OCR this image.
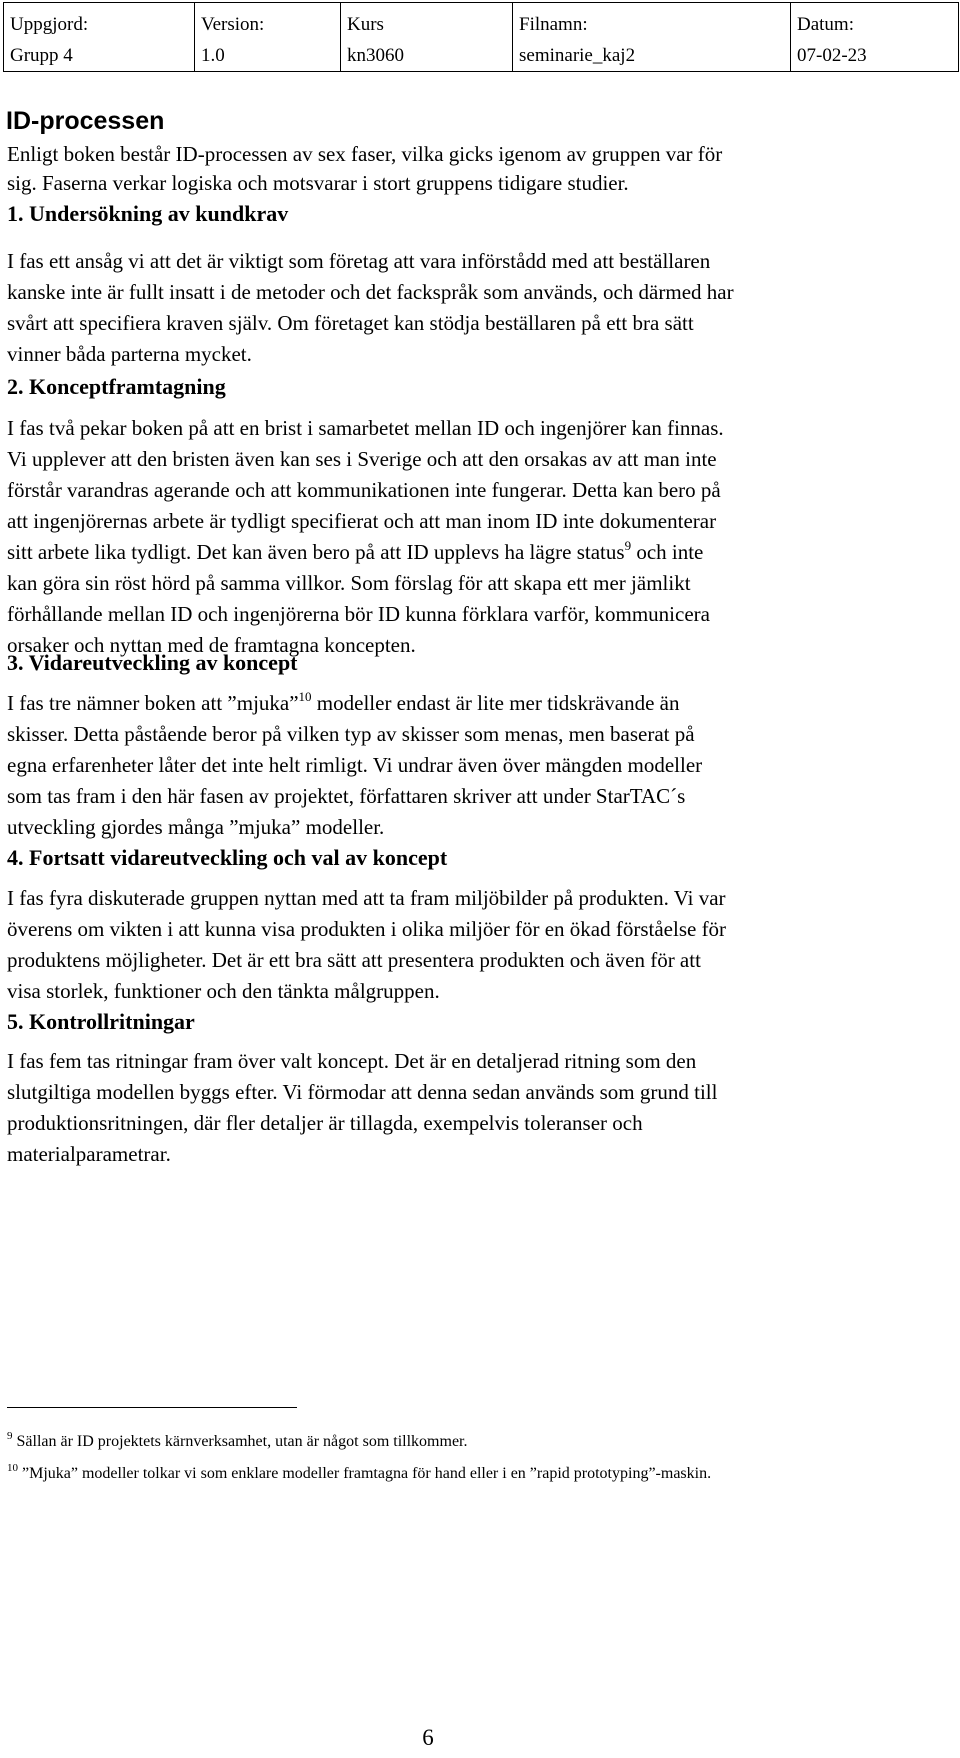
Uppgjord:
Grupp 4

Version:
1.0

Kurs
kn3060

Filnamn:
seminarie_kaj2

Datum:
07-02-23
ID-processen

Enligt boken består ID-processen av sex faser, vilka gicks igenom av gruppen var för
sig. Faserna verkar logiska och motsvarar i stort gruppens tidigare studier.

1. Undersökning av kundkrav

I fas ett ansåg vi att det är viktigt som företag att vara införstådd med att beställaren
kanske inte är fullt insatt i de metoder och det fackspråk som används, och därmed har
svårt att specifiera kraven själv. Om företaget kan stödja beställaren på ett bra sätt
vinner båda parterna mycket.

2. Konceptframtagning

I fas två pekar boken på att en brist i samarbetet mellan ID och ingenjörer kan finnas.
Vi upplever att den bristen även kan ses i Sverige och att den orsakas av att man inte
förstår varandras agerande och att kommunikationen inte fungerar. Detta kan bero på
att ingenjörernas arbete är tydligt specifierat och att man inom ID inte dokumenterar
sitt arbete lika tydligt. Det kan även bero på att ID upplevs ha lägre status$^9$ och inte
kan göra sin röst hörd på samma villkor. Som förslag för att skapa ett mer jämlikt
förhållande mellan ID och ingenjörerna bör ID kunna förklara varför, kommunicera
orsaker och nyttan med de framtagna koncepten.

3. Vidareutveckling av koncept

I fas tre nämner boken att ”mjuka”$^{10}$ modeller endast är lite mer tidskrävande än
skisser. Detta påstående beror på vilken typ av skisser som menas, men baserat på
egna erfarenheter låter det inte helt rimligt. Vi undrar även över mängden modeller
som tas fram i den här fasen av projektet, författaren skriver att under StarTAC´s
utveckling gjordes många ”mjuka” modeller.

4. Fortsatt vidareutveckling och val av koncept

I fas fyra diskuterade gruppen nyttan med att ta fram miljöbilder på produkten. Vi var
överens om vikten i att kunna visa produkten i olika miljöer för en ökad förståelse för
produktens möjligheter. Det är ett bra sätt att presentera produkten och även för att
visa storlek, funktioner och den tänkta målgruppen.

5. Kontrollritningar

I fas fem tas ritningar fram över valt koncept. Det är en detaljerad ritning som den
slutgiltiga modellen byggs efter. Vi förmodar att denna sedan används som grund till
produktionsritningen, där fler detaljer är tillagda, exempelvis toleranser och
materialparametrar.

$^9$ Sällan är ID projektets kärnverksamhet, utan är något som tillkommer.

$^{10}$ ”Mjuka” modeller tolkar vi som enklare modeller framtagna för hand eller i en ”rapid prototyping”-maskin.

6
